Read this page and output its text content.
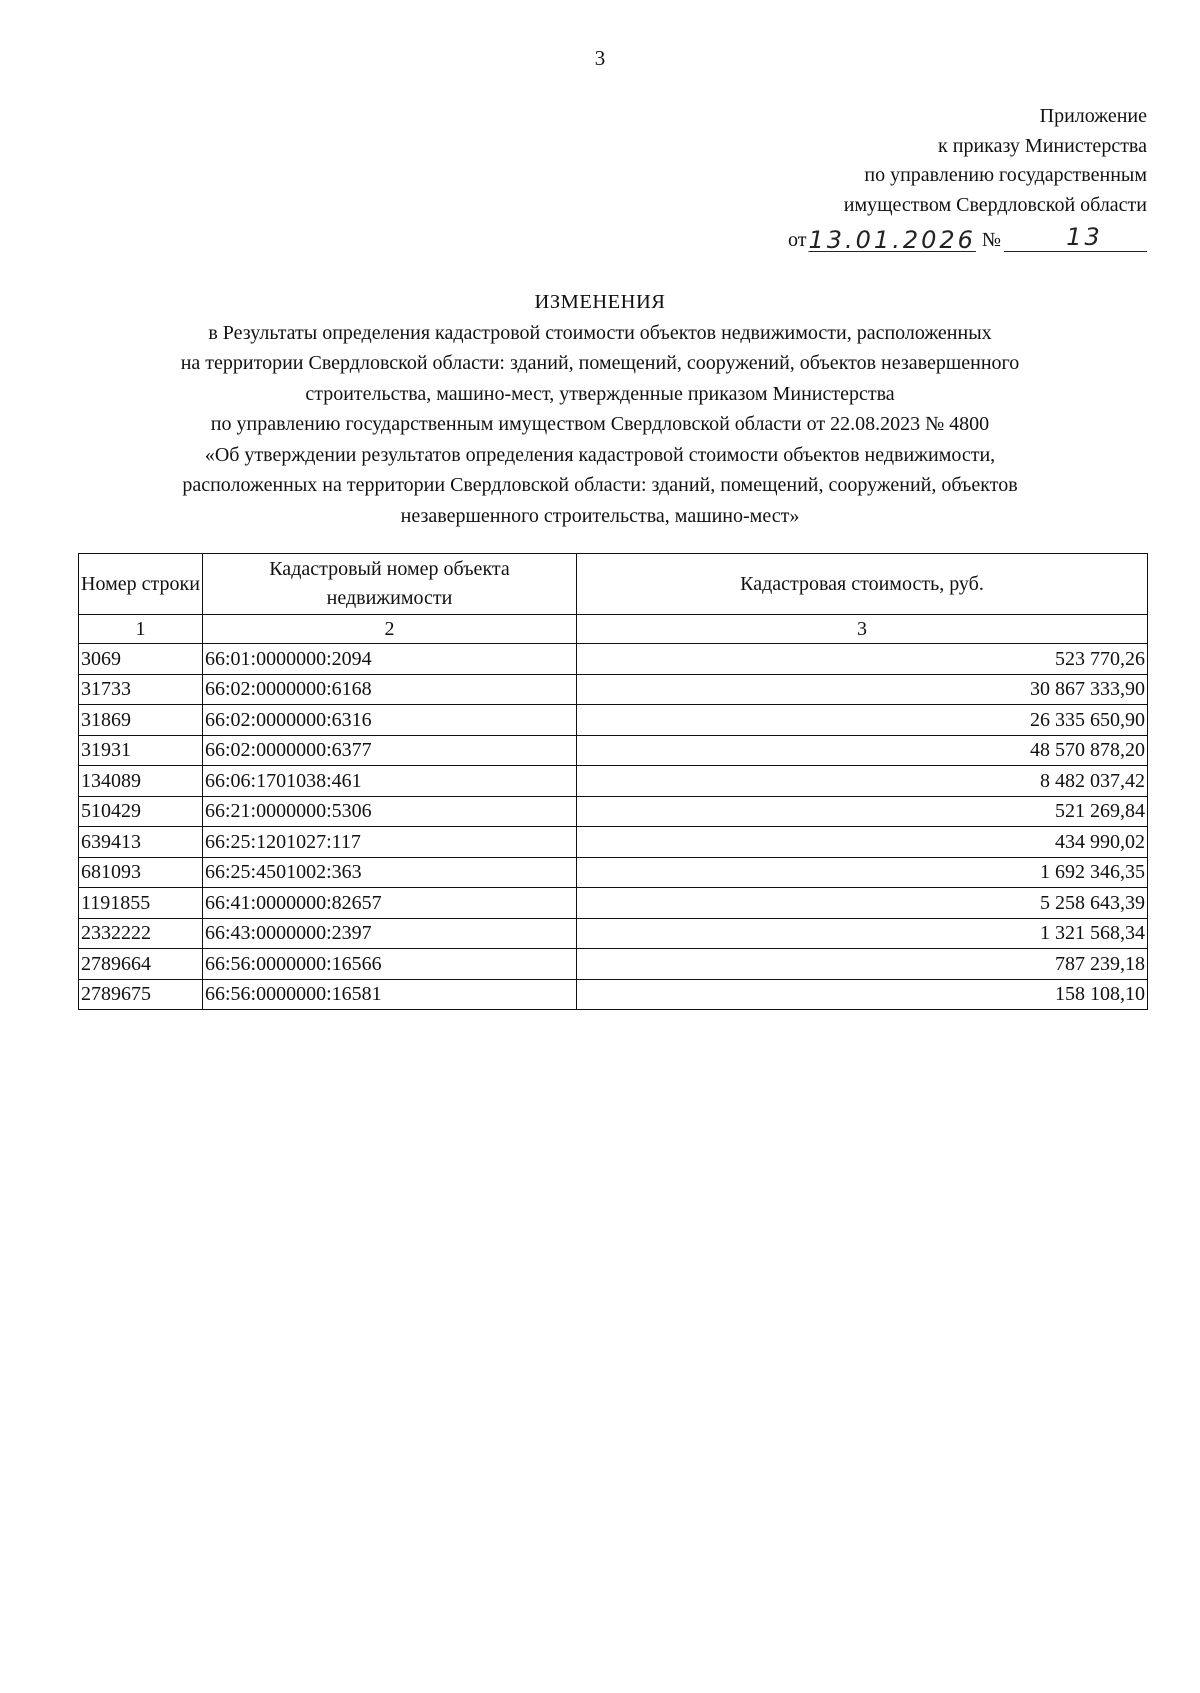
3
Приложение
к приказу Министерства
по управлению государственным
имуществом Свердловской области
от 13.01.2026 №	13
ИЗМЕНЕНИЯ
в Результаты определения кадастровой стоимости объектов недвижимости, расположенных
на территории Свердловской области: зданий, помещений, сооружений, объектов незавершенного
строительства, машино-мест, утвержденные приказом Министерства
по управлению государственным имуществом Свердловской области от 22.08.2023 № 4800
«Об утверждении результатов определения кадастровой стоимости объектов недвижимости,
расположенных на территории Свердловской области: зданий, помещений, сооружений, объектов
незавершенного строительства, машино-мест»
Номер строки	Кадастровый номер объекта недвижимости	Кадастровая стоимость, руб.
1	2	3
3069	66:01:0000000:2094	523 770,26
31733	66:02:0000000:6168	30 867 333,90
31869	66:02:0000000:6316	26 335 650,90
31931	66:02:0000000:6377	48 570 878,20
134089	66:06:1701038:461	8 482 037,42
510429	66:21:0000000:5306	521 269,84
639413	66:25:1201027:117	434 990,02
681093	66:25:4501002:363	1 692 346,35
1191855	66:41:0000000:82657	5 258 643,39
2332222	66:43:0000000:2397	1 321 568,34
2789664	66:56:0000000:16566	787 239,18
2789675	66:56:0000000:16581	158 108,10
